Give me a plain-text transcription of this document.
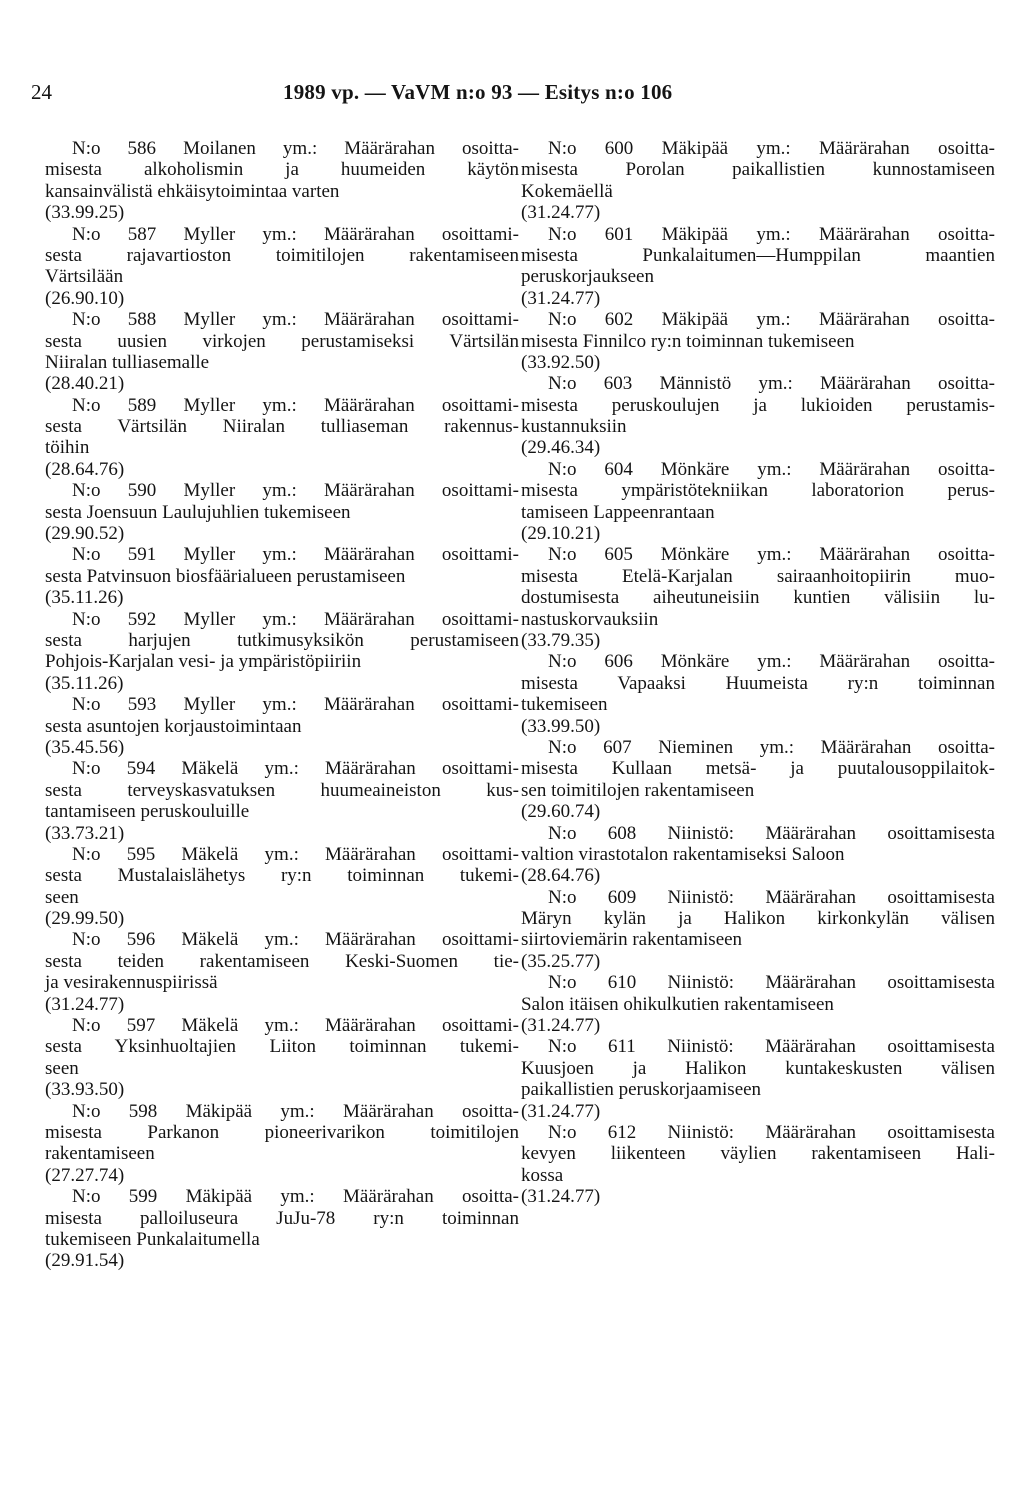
24	1989 vp. — VaVM n:o 93 — Esitys n:o 106
N:o 586 Moilanen ym.: Määrärahan osoitta-
misesta alkoholismin ja huumeiden käytön
kansainvälistä ehkäisytoimintaa varten
(33.99.25)
N:o 587 Myller ym.: Määrärahan osoittami-
sesta rajavartioston toimitilojen rakentamiseen
Värtsilään
(26.90.10)
N:o 588 Myller ym.: Määrärahan osoittami-
sesta uusien virkojen perustamiseksi Värtsilän
Niiralan tulliasemalle
(28.40.21)
N:o 589 Myller ym.: Määrärahan osoittami-
sesta Värtsilän Niiralan tulliaseman rakennus-
töihin
(28.64.76)
N:o 590 Myller ym.: Määrärahan osoittami-
sesta Joensuun Laulujuhlien tukemiseen
(29.90.52)
N:o 591 Myller ym.: Määrärahan osoittami-
sesta Patvinsuon biosfäärialueen perustamiseen
(35.11.26)
N:o 592 Myller ym.: Määrärahan osoittami-
sesta harjujen tutkimusyksikön perustamiseen
Pohjois-Karjalan vesi- ja ympäristöpiiriin
(35.11.26)
N:o 593 Myller ym.: Määrärahan osoittami-
sesta asuntojen korjaustoimintaan
(35.45.56)
N:o 594 Mäkelä ym.: Määrärahan osoittami-
sesta terveyskasvatuksen huumeaineiston kus-
tantamiseen peruskouluille
(33.73.21)
N:o 595 Mäkelä ym.: Määrärahan osoittami-
sesta Mustalaislähetys ry:n toiminnan tukemi-
seen
(29.99.50)
N:o 596 Mäkelä ym.: Määrärahan osoittami-
sesta teiden rakentamiseen Keski-Suomen tie-
ja vesirakennuspiirissä
(31.24.77)
N:o 597 Mäkelä ym.: Määrärahan osoittami-
sesta Yksinhuoltajien Liiton toiminnan tukemi-
seen
(33.93.50)
N:o 598 Mäkipää ym.: Määrärahan osoitta-
misesta Parkanon pioneerivarikon toimitilojen
rakentamiseen
(27.27.74)
N:o 599 Mäkipää ym.: Määrärahan osoitta-
misesta palloiluseura JuJu-78 ry:n toiminnan
tukemiseen Punkalaitumella
(29.91.54)
N:o 600 Mäkipää ym.: Määrärahan osoitta-
misesta Porolan paikallistien kunnostamiseen
Kokemäellä
(31.24.77)
N:o 601 Mäkipää ym.: Määrärahan osoitta-
misesta Punkalaitumen—Humppilan maantien
peruskorjaukseen
(31.24.77)
N:o 602 Mäkipää ym.: Määrärahan osoitta-
misesta Finnilco ry:n toiminnan tukemiseen
(33.92.50)
N:o 603 Männistö ym.: Määrärahan osoitta-
misesta peruskoulujen ja lukioiden perustamis-
kustannuksiin
(29.46.34)
N:o 604 Mönkäre ym.: Määrärahan osoitta-
misesta ympäristötekniikan laboratorion perus-
tamiseen Lappeenrantaan
(29.10.21)
N:o 605 Mönkäre ym.: Määrärahan osoitta-
misesta Etelä-Karjalan sairaanhoitopiirin muo-
dostumisesta aiheutuneisiin kuntien välisiin lu-
nastuskorvauksiin
(33.79.35)
N:o 606 Mönkäre ym.: Määrärahan osoitta-
misesta Vapaaksi Huumeista ry:n toiminnan
tukemiseen
(33.99.50)
N:o 607 Nieminen ym.: Määrärahan osoitta-
misesta Kullaan metsä- ja puutalousoppilaitok-
sen toimitilojen rakentamiseen
(29.60.74)
N:o 608 Niinistö: Määrärahan osoittamisesta
valtion virastotalon rakentamiseksi Saloon
(28.64.76)
N:o 609 Niinistö: Määrärahan osoittamisesta
Märyn kylän ja Halikon kirkonkylän välisen
siirtoviemärin rakentamiseen
(35.25.77)
N:o 610 Niinistö: Määrärahan osoittamisesta
Salon itäisen ohikulkutien rakentamiseen
(31.24.77)
N:o 611 Niinistö: Määrärahan osoittamisesta
Kuusjoen ja Halikon kuntakeskusten välisen
paikallistien peruskorjaamiseen
(31.24.77)
N:o 612 Niinistö: Määrärahan osoittamisesta
kevyen liikenteen väylien rakentamiseen Hali-
kossa
(31.24.77)
